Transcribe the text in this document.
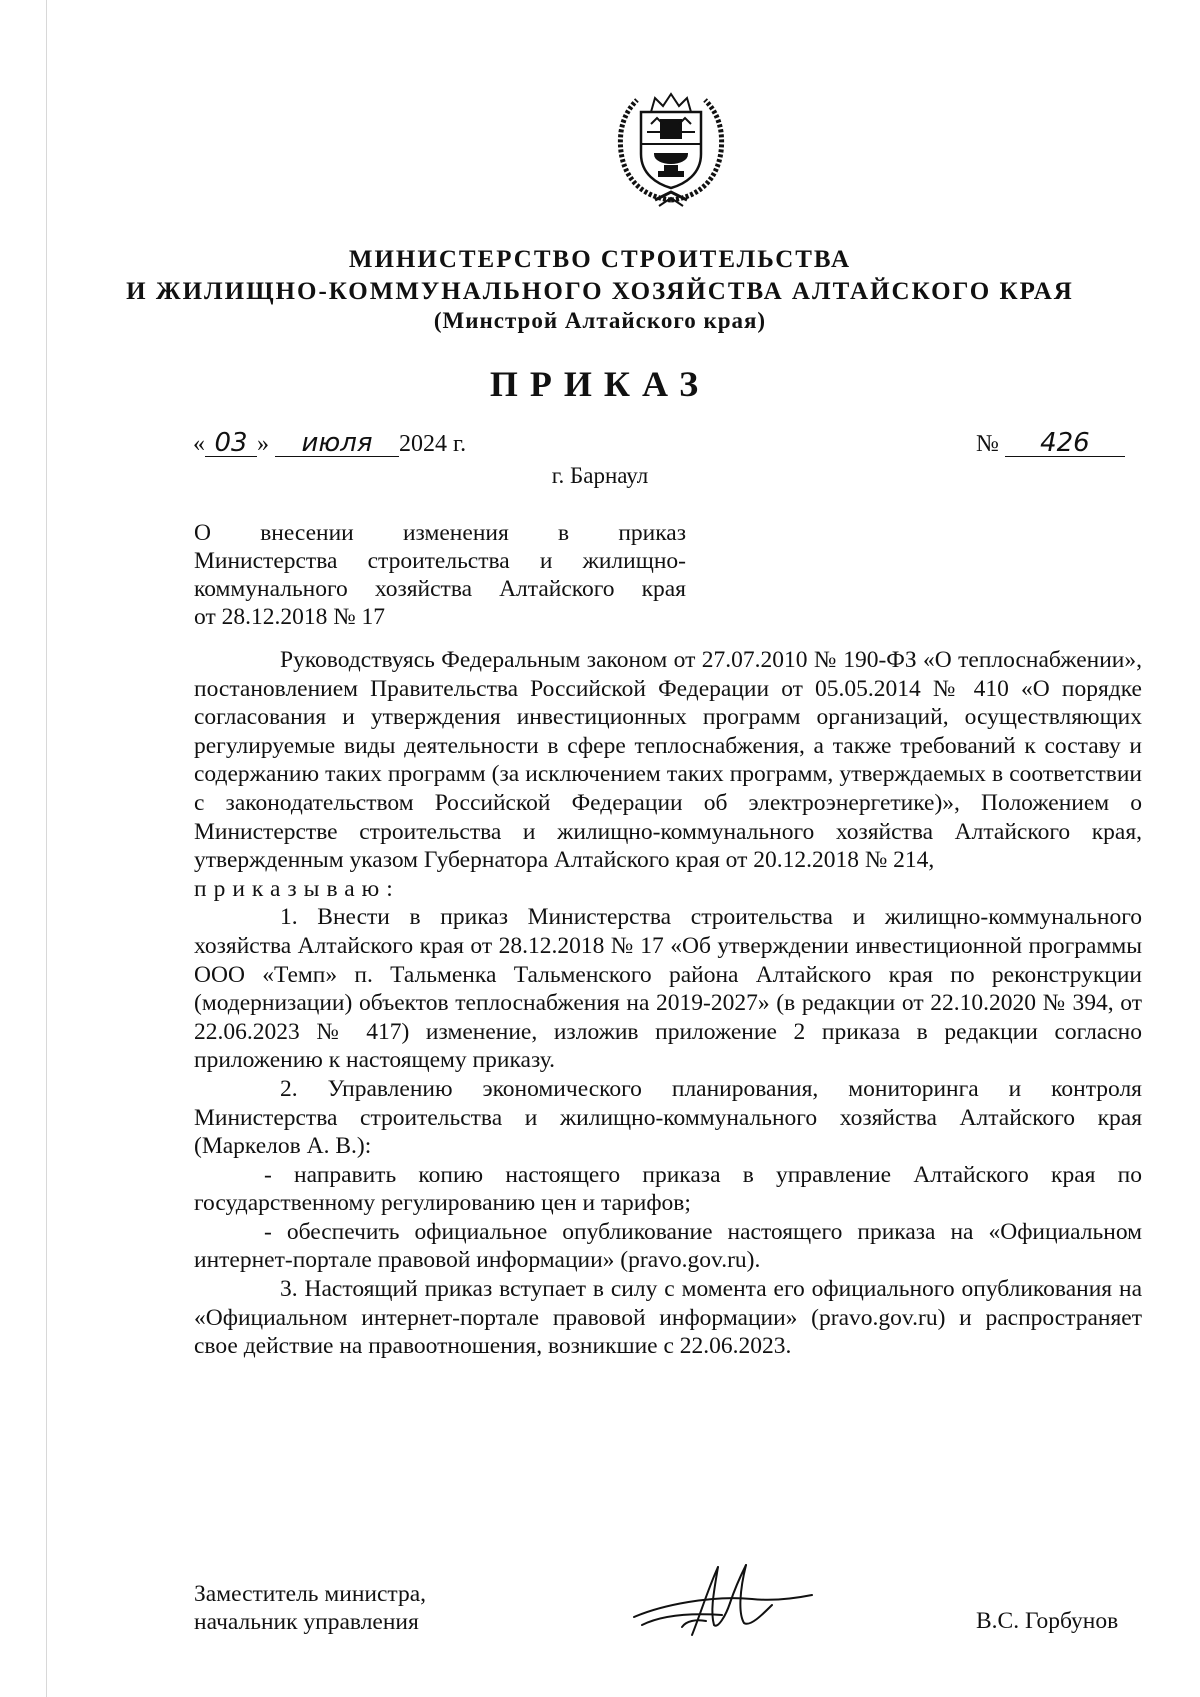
МИНИСТЕРСТВО СТРОИТЕЛЬСТВА
И ЖИЛИЩНО-КОММУНАЛЬНОГО ХОЗЯЙСТВА АЛТАЙСКОГО КРАЯ
(Минстрой Алтайского края)
ПРИКАЗ
« 03 » июля 2024 г.	№ 426
г. Барнаул
О внесении изменения в приказ
Министерства строительства и жилищно-
коммунального хозяйства Алтайского края
от 28.12.2018 № 17

Руководствуясь Федеральным законом от 27.07.2010 № 190-ФЗ «О теплоснабжении», постановлением Правительства Российской Федерации от 05.05.2014 № 410 «О порядке согласования и утверждения инвестиционных программ организаций, осуществляющих регулируемые виды деятельности в сфере теплоснабжения, а также требований к составу и содержанию таких программ (за исключением таких программ, утверждаемых в соответствии с законодательством Российской Федерации об электроэнергетике)», Положением о Министерстве строительства и жилищно-коммунального хозяйства Алтайского края, утвержденным указом Губернатора Алтайского края от 20.12.2018 № 214,

приказываю:

1. Внести в приказ Министерства строительства и жилищно-коммунального хозяйства Алтайского края от 28.12.2018 № 17 «Об утверждении инвестиционной программы ООО «Темп» п. Тальменка Тальменского района Алтайского края по реконструкции (модернизации) объектов теплоснабжения на 2019-2027» (в редакции от 22.10.2020 № 394, от 22.06.2023 № 417) изменение, изложив приложение 2 приказа в редакции согласно приложению к настоящему приказу.

2. Управлению экономического планирования, мониторинга и контроля Министерства строительства и жилищно-коммунального хозяйства Алтайского края (Маркелов А. В.):

- направить копию настоящего приказа в управление Алтайского края по государственному регулированию цен и тарифов;

- обеспечить официальное опубликование настоящего приказа на «Официальном интернет-портале правовой информации» (pravo.gov.ru).

3. Настоящий приказ вступает в силу с момента его официального опубликования на «Официальном интернет-портале правовой информации» (pravo.gov.ru) и распространяет свое действие на правоотношения, возникшие с 22.06.2023.

Заместитель министра,
начальник управления	В.С. Горбунов
